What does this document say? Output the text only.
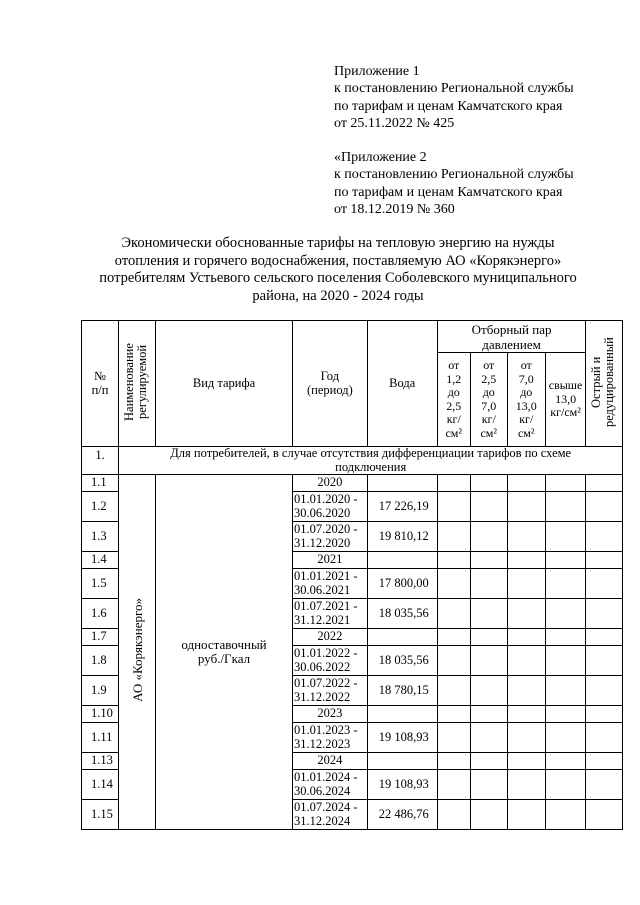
Приложение 1
к постановлению Региональной службы
по тарифам и ценам Камчатского края
от 25.11.2022 № 425
«Приложение 2
к постановлению Региональной службы
по тарифам и ценам Камчатского края
от 18.12.2019 № 360
Экономически обоснованные тарифы на тепловую энергию на нужды
отопления и горячего водоснабжения, поставляемую АО «Корякэнерго»
потребителям Устьевого сельского поселения Соболевского муниципального
района, на 2020 - 2024 годы
№ п/п	Наименование регулируемой	Вид тарифа	Год (период)	Вода	Отборный пар давлением				Острый и редуцированный
					от 1,2 до 2,5 кг/см²	от 2,5 до 7,0 кг/см²	от 7,0 до 13,0 кг/см²	свыше 13,0 кг/см²	
1.	Для потребителей, в случае отсутствия дифференциации тарифов по схеме подключения								
1.1	АО «Корякэнерго»	одноставочный руб./Гкал	2020						
1.2			01.01.2020 - 30.06.2020	17 226,19					
1.3			01.07.2020 - 31.12.2020	19 810,12					
1.4			2021						
1.5			01.01.2021 - 30.06.2021	17 800,00					
1.6			01.07.2021 - 31.12.2021	18 035,56					
1.7			2022						
1.8			01.01.2022 - 30.06.2022	18 035,56					
1.9			01.07.2022 - 31.12.2022	18 780,15					
1.10			2023						
1.11			01.01.2023 - 31.12.2023	19 108,93					
1.13			2024						
1.14			01.01.2024 - 30.06.2024	19 108,93					
1.15			01.07.2024 - 31.12.2024	22 486,76					
